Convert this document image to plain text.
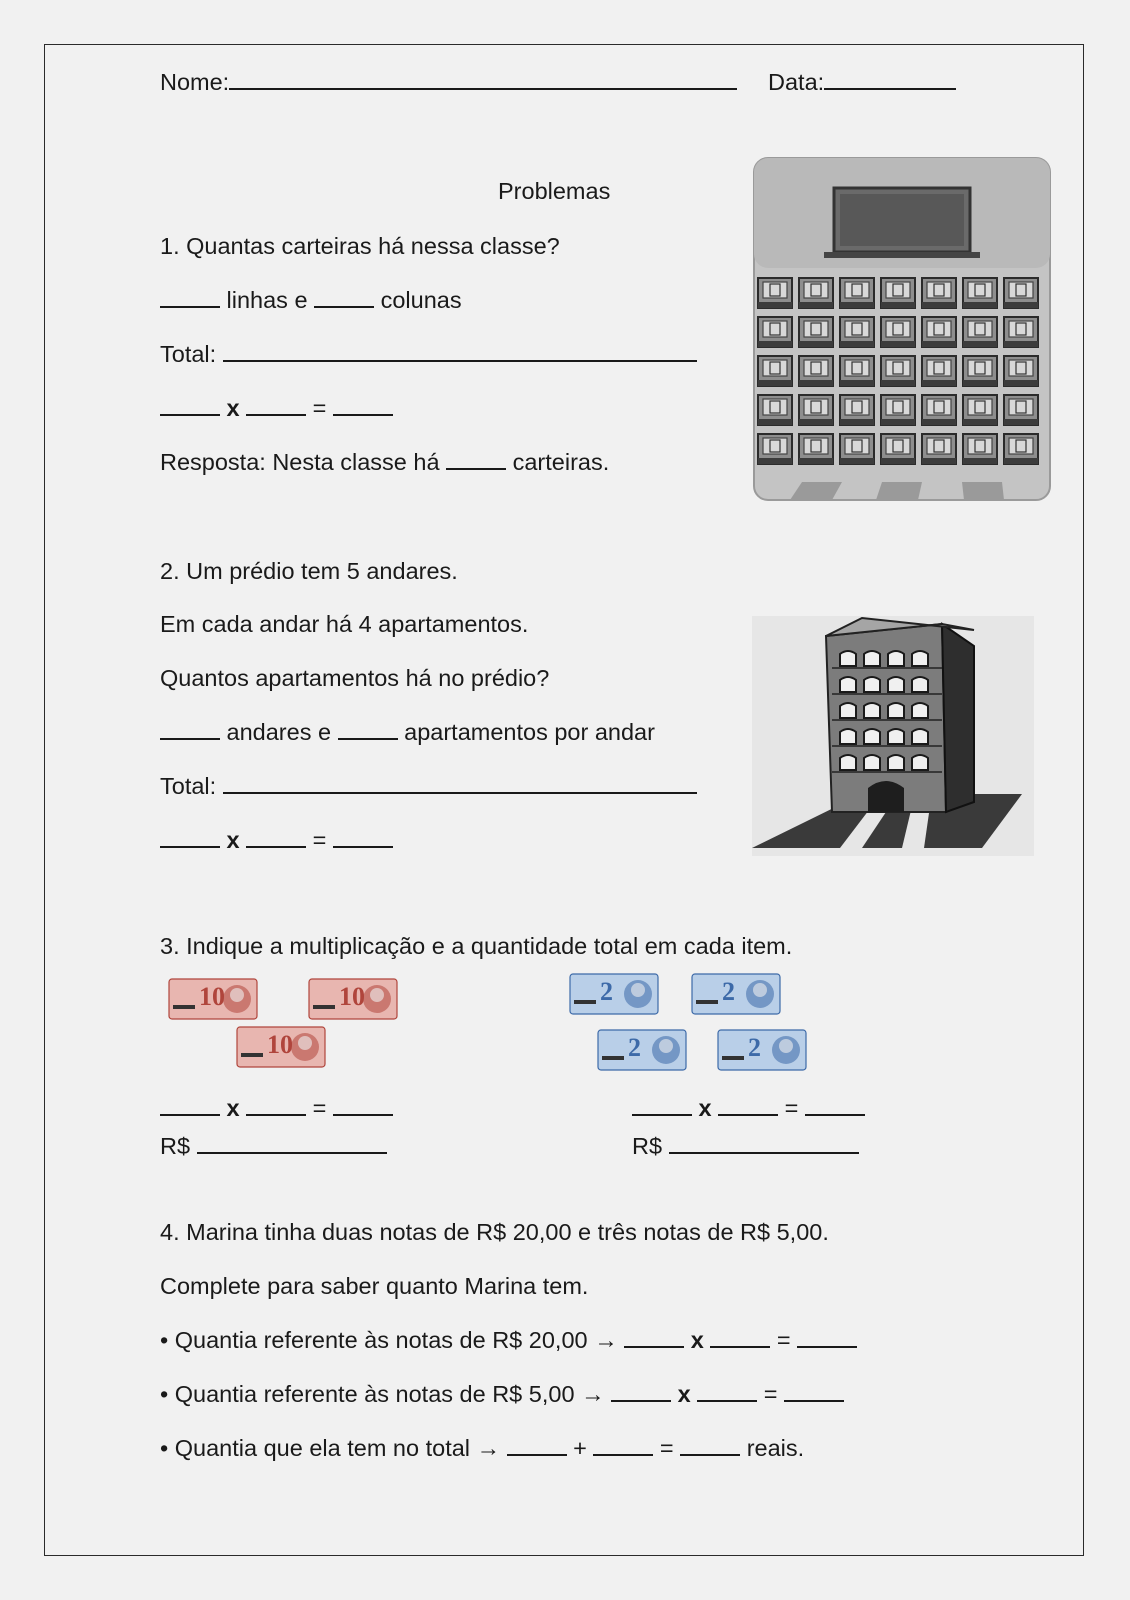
Nome:	Data:
Problemas
1. Quantas carteiras há nessa classe?
linhas e	colunas
Total:
x	=
Resposta: Nesta classe há	carteiras.
2. Um prédio tem 5 andares.
Em cada andar há 4 apartamentos.
Quantos apartamentos há no prédio?
andares e	apartamentos por andar
Total:
x	=
3. Indique a multiplicação e a quantidade total em cada item.
10	10
10
2	2
2	2
x	=
R$
x	=
R$
4. Marina tinha duas notas de R$ 20,00 e três notas de R$ 5,00.
Complete para saber quanto Marina tem.
• Quantia referente às notas de R$ 20,00 →	x	=
• Quantia referente às notas de R$ 5,00 →	x	=
• Quantia que ela tem no total →	+	=	reais.
